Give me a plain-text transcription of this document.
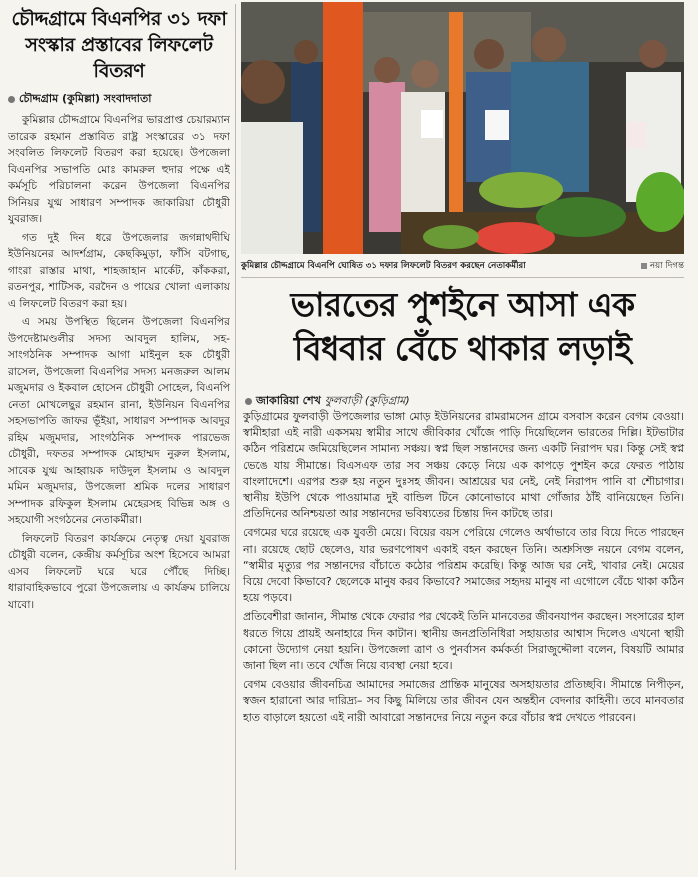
চৌদ্দগ্রামে বিএনপির ৩১ দফা সংস্কার প্রস্তাবের লিফলেট বিতরণ
চৌদ্দগ্রাম (কুমিল্লা) সংবাদদাতা

কুমিল্লার চৌদ্দগ্রামে বিএনপির ভারপ্রাপ্ত চেয়ারম্যান তারেক রহমান প্রস্তাবিত রাষ্ট্র সংস্কারের ৩১ দফা সংবলিত লিফলেট বিতরণ করা হয়েছে। উপজেলা বিএনপির সভাপতি মোঃ কামরুল হুদার পক্ষে এই কর্মসূচি পরিচালনা করেন উপজেলা বিএনপির সিনিয়র যুগ্ম সাধারণ সম্পাদক জাকারিয়া চৌধুরী যুবরাজ।

গত দুই দিন ধরে উপজেলার জগন্নাথদীঘি ইউনিয়নের আদর্শগ্রাম, কেছকিমুড়া, ফাঁসি বটগাছ, গাংরা রাস্তার মাথা, শাহজাহান মার্কেট, কাঁককরা, রতনপুর, শাটিসক, বরদৈন ও পায়ের খোলা এলাকায় এ লিফলেট বিতরণ করা হয়।

এ সময় উপস্থিত ছিলেন উপজেলা বিএনপির উপদেষ্টামণ্ডলীর সদস্য আবদুল হালিম, সহ-সাংগঠনিক সম্পাদক আগা মাইনুল হক চৌধুরী রাসেল, উপজেলা বিএনপির সদস্য মনজরুল আলম মজুমদার ও ইকবাল হোসেন চৌধুরী সোহেল, বিএনপি নেতা মোখলেছুর রহমান রানা, ইউনিয়ন বিএনপির সহসভাপতি জাফর ভূঁইয়া, সাধারণ সম্পাদক আবদুর রহিম মজুমদার, সাংগঠনিক সম্পাদক পারভেজ চৌধুরী, দফতর সম্পাদক মোহাম্মদ নুরুল ইসলাম, সাবেক যুগ্ম আহ্বায়ক দাউদুল ইসলাম ও আবদুল মমিন মজুমদার, উপজেলা শ্রমিক দলের সাধারণ সম্পাদক রফিকুল ইসলাম মেহেরসহ বিভিন্ন অঙ্গ ও সহযোগী সংগঠনের নেতাকর্মীরা।

লিফলেট বিতরণ কার্যক্রমে নেতৃত্ব দেয়া যুবরাজ চৌধুরী বলেন, কেন্দ্রীয় কর্মসূচির অংশ হিসেবে আমরা এসব লিফলেট ঘরে ঘরে পৌঁছে দিচ্ছি। ধারাবাহিকভাবে পুরো উপজেলায় এ কার্যক্রম চালিয়ে যাবো।

কুমিল্লার চৌদ্দগ্রামে বিএনপি ঘোষিত ৩১ দফার লিফলেট বিতরণ করছেন নেতাকর্মীরা	নয়া দিগন্ত
ভারতের পুশইনে আসা এক
বিধবার বেঁচে থাকার লড়াই
জাকারিয়া শেখ ফুলবাড়ী (কুড়িগ্রাম)

কুড়িগ্রামের ফুলবাড়ী উপজেলার ভাঙ্গা মোড় ইউনিয়নের রামরামসেন গ্রামে বসবাস করেন বেগম বেওয়া। স্বামীহারা এই নারী একসময় স্বামীর সাথে জীবিকার খোঁজে পাড়ি দিয়েছিলেন ভারতের দিল্লি। ইটভাটার কঠিন পরিশ্রমে জমিয়েছিলেন সামান্য সঞ্চয়। স্বপ্ন ছিল সন্তানদের জন্য একটি নিরাপদ ঘর। কিন্তু সেই স্বপ্ন ভেঙে যায় সীমান্তে। বিএসএফ তার সব সঞ্চয় কেড়ে নিয়ে এক কাপড়ে পুশইন করে ফেরত পাঠায় বাংলাদেশে। এরপর শুরু হয় নতুন দুঃসহ জীবন। আশ্রয়ের ঘর নেই, নেই নিরাপদ পানি বা শৌচাগার। স্থানীয় ইউপি থেকে পাওয়ামাত্র দুই বান্ডিল টিনে কোনোভাবে মাথা গোঁজার ঠাঁই বানিয়েছেন তিনি। প্রতিদিনের অনিশ্চয়তা আর সন্তানদের ভবিষ্যতের চিন্তায় দিন কাটছে তার।

বেগমের ঘরে রয়েছে এক যুবতী মেয়ে। বিয়ের বয়স পেরিয়ে গেলেও অর্থাভাবে তার বিয়ে দিতে পারছেন না। রয়েছে ছোট ছেলেও, যার ভরণপোষণ একাই বহন করছেন তিনি। অশ্রুসিক্ত নয়নে বেগম বলেন, “স্বামীর মৃত্যুর পর সন্তানদের বাঁচাতে কঠোর পরিশ্রম করেছি। কিন্তু আজ ঘর নেই, খাবার নেই। মেয়ের বিয়ে দেবো কিভাবে? ছেলেকে মানুষ করব কিভাবে? সমাজের সহৃদয় মানুষ না এগোলে বেঁচে থাকা কঠিন হয়ে পড়বে।

প্রতিবেশীরা জানান, সীমান্ত থেকে ফেরার পর থেকেই তিনি মানবেতর জীবনযাপন করছেন। সংসারের হাল ধরতে গিয়ে প্রায়ই অনাহারে দিন কাটান। স্থানীয় জনপ্রতিনিধিরা সহায়তার আশ্বাস দিলেও এখনো স্থায়ী কোনো উদ্যোগ নেয়া হয়নি। উপজেলা ত্রাণ ও পুনর্বাসন কর্মকর্তা সিরাজুদ্দৌলা বলেন, বিষয়টি আমার জানা ছিল না। তবে খোঁজ নিয়ে ব্যবস্থা নেয়া হবে।

বেগম বেওয়ার জীবনচিত্র আমাদের সমাজের প্রান্তিক মানুষের অসহায়তার প্রতিচ্ছবি। সীমান্তে নিপীড়ন, স্বজন হারানো আর দারিদ্র্য– সব কিছু মিলিয়ে তার জীবন যেন অন্তহীন বেদনার কাহিনী। তবে মানবতার হাত বাড়ালে হয়তো এই নারী আবারো সন্তানদের নিয়ে নতুন করে বাঁচার স্বপ্ন দেখতে পারবেন।
